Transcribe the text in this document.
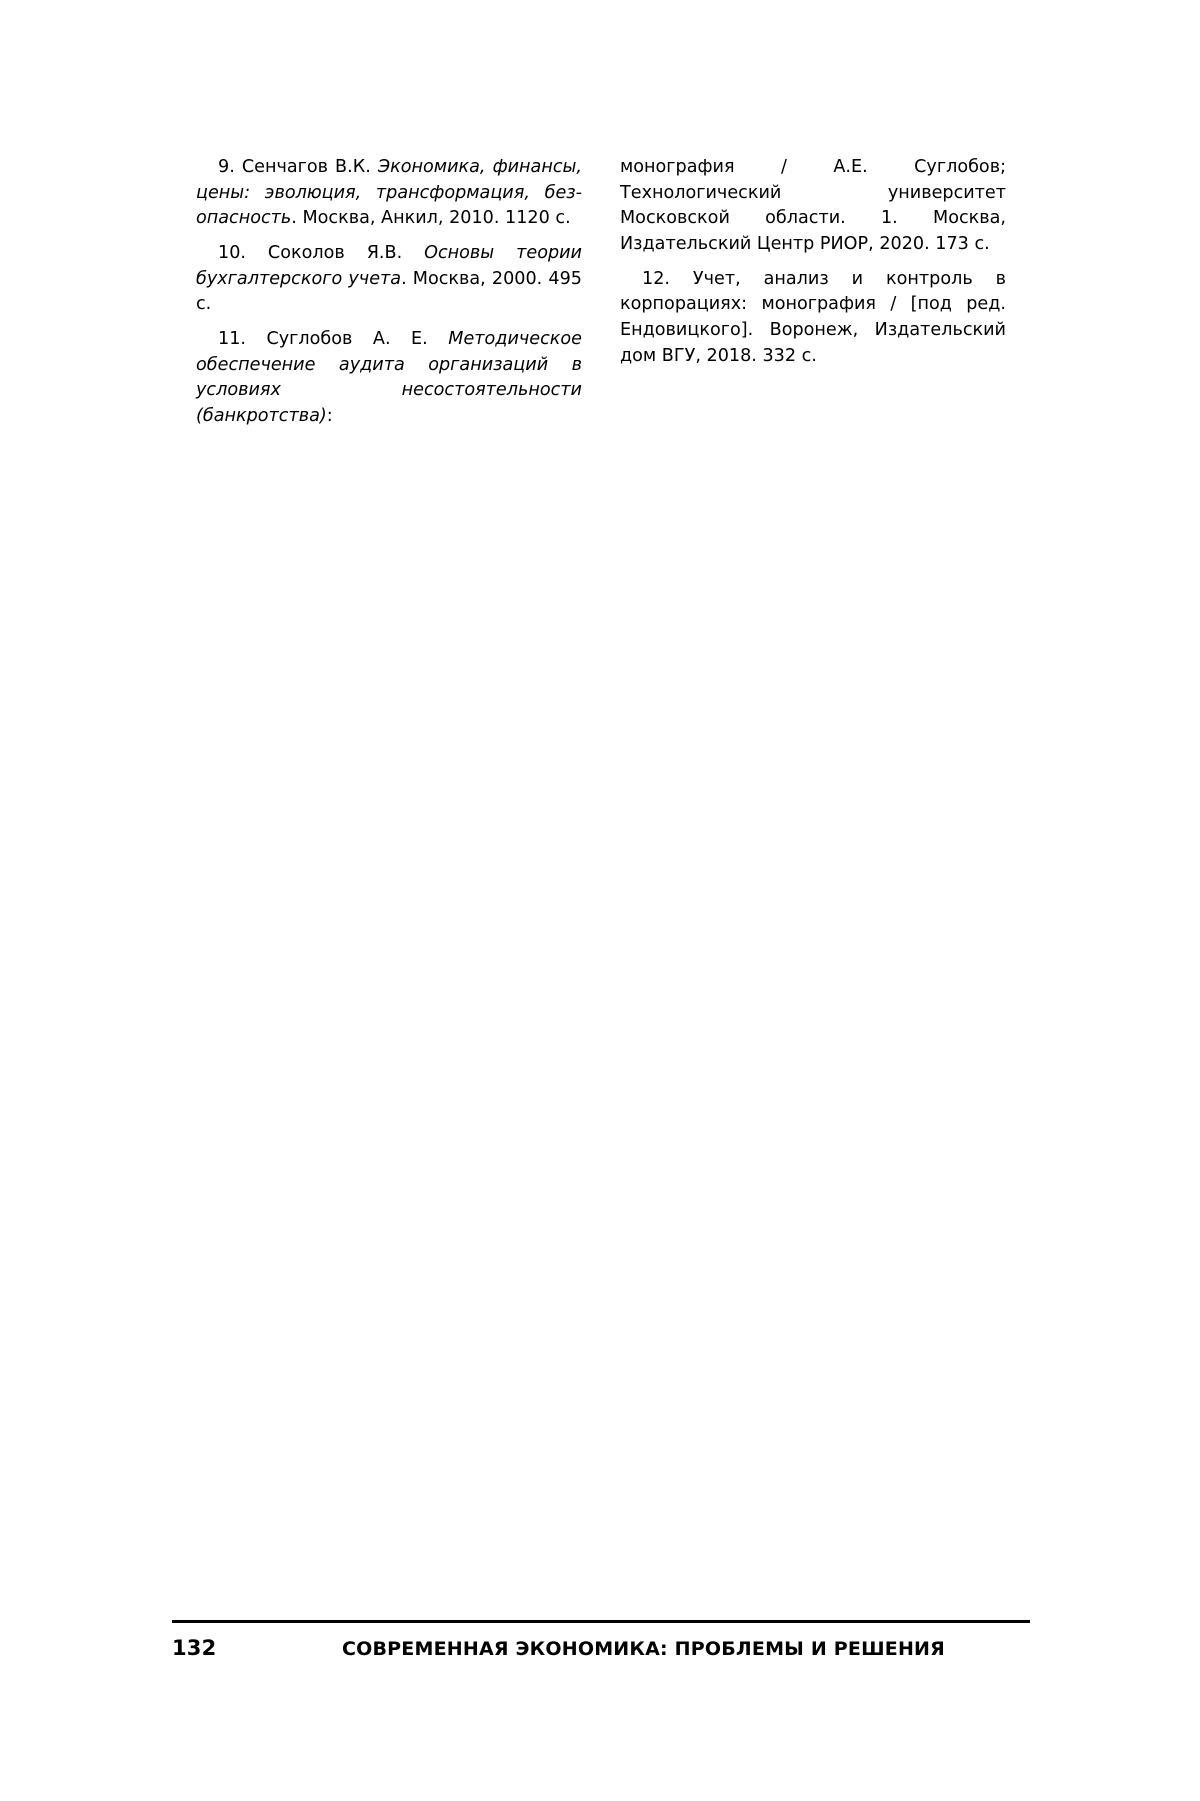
9. Сенчагов В.К. Экономика, финансы, цены: эволюция, трансформация, безопасность. Москва, Анкил, 2010. 1120 с.

10. Соколов Я.В. Основы теории бухгалтерского учета. Москва, 2000. 495 с.

11. Суглобов А. Е. Методическое обеспечение аудита организаций в условиях несостоятельности (банкротства):

монография / А.Е. Суглобов; Технологический университет Московской области. 1. Москва, Издательский Центр РИОР, 2020. 173 с.

12. Учет, анализ и контроль в корпорациях: монография / [под ред. Ендовицкого]. Воронеж, Издательский дом ВГУ, 2018. 332 с.

132	СОВРЕМЕННАЯ ЭКОНОМИКА: ПРОБЛЕМЫ И РЕШЕНИЯ
